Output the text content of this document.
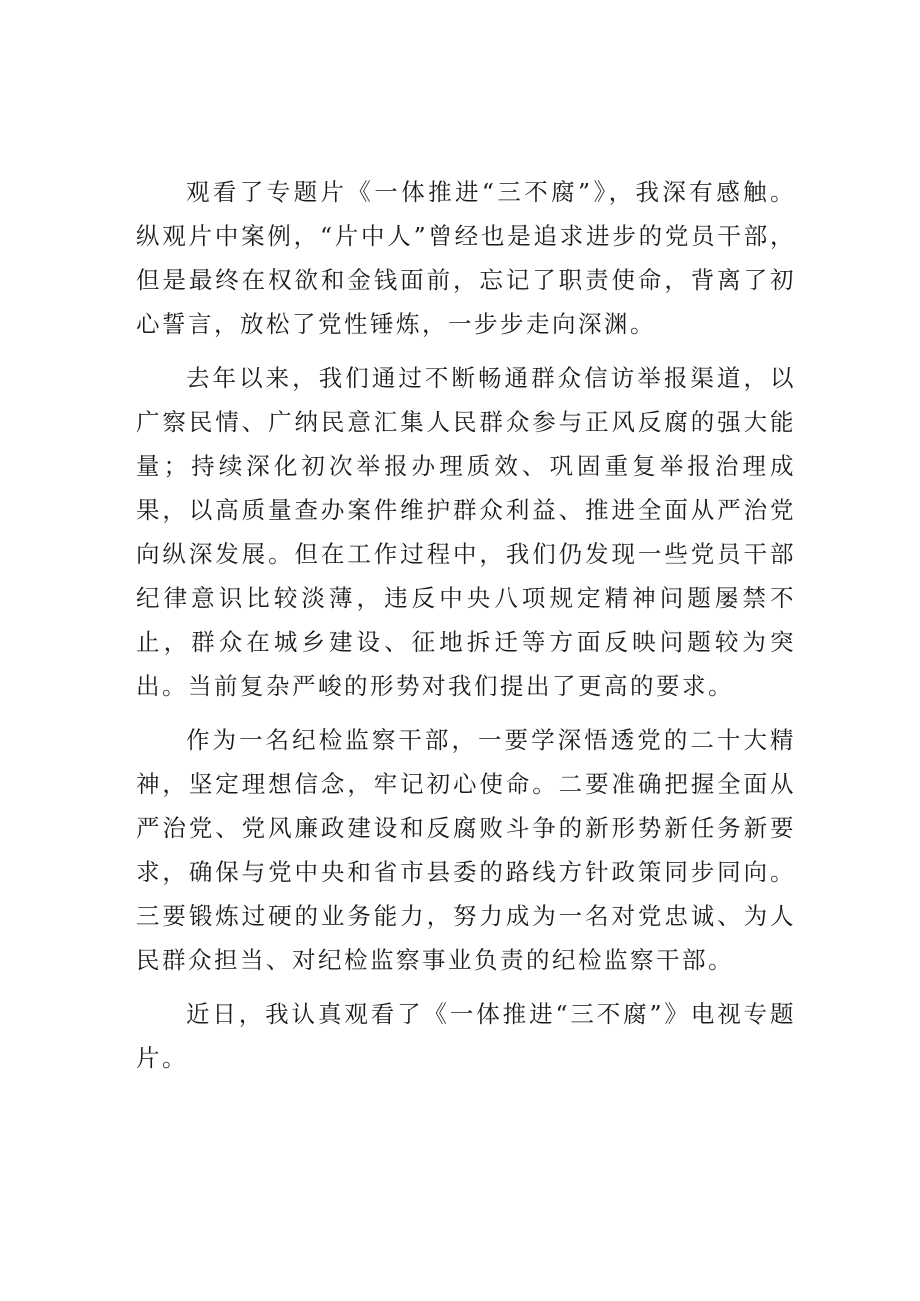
观看了专题片《一体推进“三不腐”》，我深有感触。纵观片中案例，“片中人”曾经也是追求进步的党员干部，但是最终在权欲和金钱面前，忘记了职责使命，背离了初心誓言，放松了党性锤炼，一步步走向深渊。

去年以来，我们通过不断畅通群众信访举报渠道，以广察民情、广纳民意汇集人民群众参与正风反腐的强大能量；持续深化初次举报办理质效、巩固重复举报治理成果，以高质量查办案件维护群众利益、推进全面从严治党向纵深发展。但在工作过程中，我们仍发现一些党员干部纪律意识比较淡薄，违反中央八项规定精神问题屡禁不止，群众在城乡建设、征地拆迁等方面反映问题较为突出。当前复杂严峻的形势对我们提出了更高的要求。

作为一名纪检监察干部，一要学深悟透党的二十大精神，坚定理想信念，牢记初心使命。二要准确把握全面从严治党、党风廉政建设和反腐败斗争的新形势新任务新要求，确保与党中央和省市县委的路线方针政策同步同向。三要锻炼过硬的业务能力，努力成为一名对党忠诚、为人民群众担当、对纪检监察事业负责的纪检监察干部。

近日，我认真观看了《一体推进“三不腐”》电视专题片。
